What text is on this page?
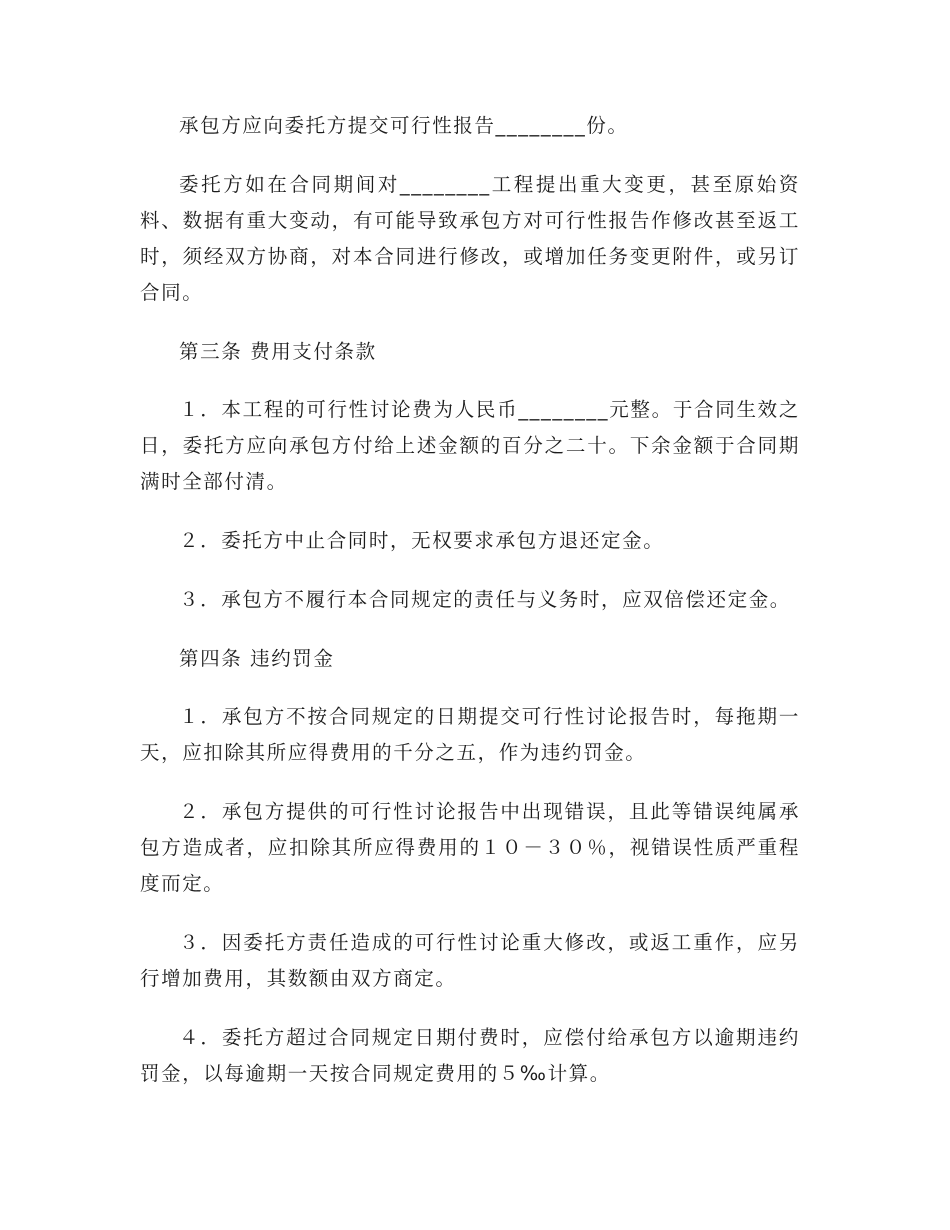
承包方应向委托方提交可行性报告________份。

委托方如在合同期间对________工程提出重大变更，甚至原始资料、数据有重大变动，有可能导致承包方对可行性报告作修改甚至返工时，须经双方协商，对本合同进行修改，或增加任务变更附件，或另订合同。

第三条 费用支付条款

１．本工程的可行性讨论费为人民币________元整。于合同生效之日，委托方应向承包方付给上述金额的百分之二十。下余金额于合同期满时全部付清。

２．委托方中止合同时，无权要求承包方退还定金。

３．承包方不履行本合同规定的责任与义务时，应双倍偿还定金。

第四条 违约罚金

１．承包方不按合同规定的日期提交可行性讨论报告时，每拖期一天，应扣除其所应得费用的千分之五，作为违约罚金。

２．承包方提供的可行性讨论报告中出现错误，且此等错误纯属承包方造成者，应扣除其所应得费用的１０－３０％，视错误性质严重程度而定。

３．因委托方责任造成的可行性讨论重大修改，或返工重作，应另行增加费用，其数额由双方商定。

４．委托方超过合同规定日期付费时，应偿付给承包方以逾期违约罚金，以每逾期一天按合同规定费用的５‰计算。
